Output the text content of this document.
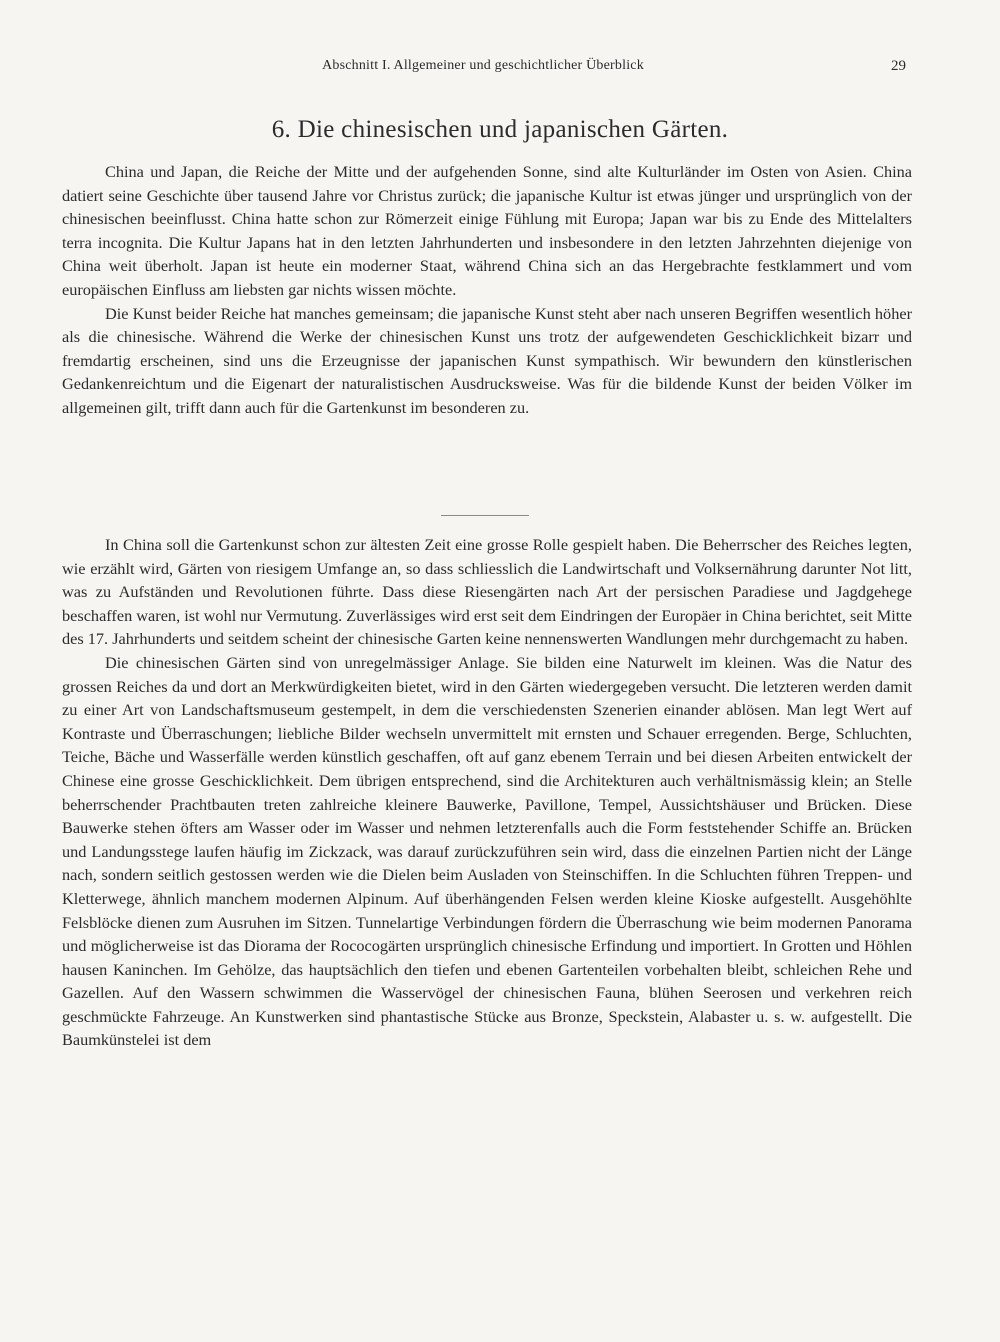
Abschnitt I. Allgemeiner und geschichtlicher Überblick	29
6. Die chinesischen und japanischen Gärten.

China und Japan, die Reiche der Mitte und der aufgehenden Sonne, sind alte Kulturländer im Osten von Asien. China datiert seine Geschichte über tausend Jahre vor Christus zurück; die japanische Kultur ist etwas jünger und ursprünglich von der chinesischen beeinflusst. China hatte schon zur Römerzeit einige Fühlung mit Europa; Japan war bis zu Ende des Mittelalters terra incognita. Die Kultur Japans hat in den letzten Jahrhunderten und insbesondere in den letzten Jahrzehnten diejenige von China weit überholt. Japan ist heute ein moderner Staat, während China sich an das Hergebrachte festklammert und vom europäischen Einfluss am liebsten gar nichts wissen möchte.

Die Kunst beider Reiche hat manches gemeinsam; die japanische Kunst steht aber nach unseren Begriffen wesentlich höher als die chinesische. Während die Werke der chinesischen Kunst uns trotz der aufgewendeten Geschicklichkeit bizarr und fremdartig erscheinen, sind uns die Erzeugnisse der japanischen Kunst sympathisch. Wir bewundern den künstlerischen Gedankenreichtum und die Eigenart der naturalistischen Ausdrucksweise. Was für die bildende Kunst der beiden Völker im allgemeinen gilt, trifft dann auch für die Gartenkunst im besonderen zu.

In China soll die Gartenkunst schon zur ältesten Zeit eine grosse Rolle gespielt haben. Die Beherrscher des Reiches legten, wie erzählt wird, Gärten von riesigem Umfange an, so dass schliesslich die Landwirtschaft und Volksernährung darunter Not litt, was zu Aufständen und Revolutionen führte. Dass diese Riesengärten nach Art der persischen Paradiese und Jagdgehege beschaffen waren, ist wohl nur Vermutung. Zuverlässiges wird erst seit dem Eindringen der Europäer in China berichtet, seit Mitte des 17. Jahrhunderts und seitdem scheint der chinesische Garten keine nennenswerten Wandlungen mehr durchgemacht zu haben.

Die chinesischen Gärten sind von unregelmässiger Anlage. Sie bilden eine Naturwelt im kleinen. Was die Natur des grossen Reiches da und dort an Merkwürdigkeiten bietet, wird in den Gärten wiedergegeben versucht. Die letzteren werden damit zu einer Art von Landschaftsmuseum gestempelt, in dem die verschiedensten Szenerien einander ablösen. Man legt Wert auf Kontraste und Überraschungen; liebliche Bilder wechseln unvermittelt mit ernsten und Schauer erregenden. Berge, Schluchten, Teiche, Bäche und Wasserfälle werden künstlich geschaffen, oft auf ganz ebenem Terrain und bei diesen Arbeiten entwickelt der Chinese eine grosse Geschicklichkeit. Dem übrigen entsprechend, sind die Architekturen auch verhältnismässig klein; an Stelle beherrschender Prachtbauten treten zahlreiche kleinere Bauwerke, Pavillone, Tempel, Aussichtshäuser und Brücken. Diese Bauwerke stehen öfters am Wasser oder im Wasser und nehmen letzterenfalls auch die Form feststehender Schiffe an. Brücken und Landungsstege laufen häufig im Zickzack, was darauf zurückzuführen sein wird, dass die einzelnen Partien nicht der Länge nach, sondern seitlich gestossen werden wie die Dielen beim Ausladen von Steinschiffen. In die Schluchten führen Treppen- und Kletterwege, ähnlich manchem modernen Alpinum. Auf überhängenden Felsen werden kleine Kioske aufgestellt. Ausgehöhlte Felsblöcke dienen zum Ausruhen im Sitzen. Tunnelartige Verbindungen fördern die Überraschung wie beim modernen Panorama und möglicherweise ist das Diorama der Rococogärten ursprünglich chinesische Erfindung und importiert. In Grotten und Höhlen hausen Kaninchen. Im Gehölze, das hauptsächlich den tiefen und ebenen Gartenteilen vorbehalten bleibt, schleichen Rehe und Gazellen. Auf den Wassern schwimmen die Wasservögel der chinesischen Fauna, blühen Seerosen und verkehren reich geschmückte Fahrzeuge. An Kunstwerken sind phantastische Stücke aus Bronze, Speckstein, Alabaster u. s. w. aufgestellt. Die Baumkünstelei ist dem
